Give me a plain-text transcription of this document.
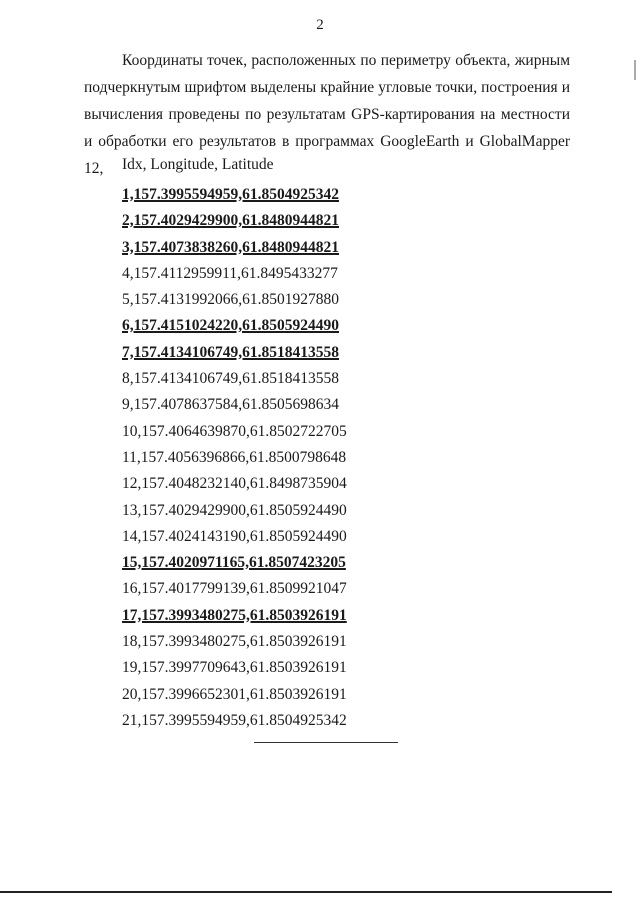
2

Координаты точек, расположенных по периметру объекта, жирным подчеркнутым шрифтом выделены крайние угловые точки, построения и вычисления проведены по результатам GPS-картирования на местности и обработки его результатов в программах GoogleEarth и GlobalMapper 12,	Idx, Longitude, Latitude
1,157.3995594959,61.8504925342
2,157.4029429900,61.8480944821
3,157.4073838260,61.8480944821
4,157.4112959911,61.8495433277
5,157.4131992066,61.8501927880
6,157.4151024220,61.8505924490
7,157.4134106749,61.8518413558
8,157.4134106749,61.8518413558
9,157.4078637584,61.8505698634
10,157.4064639870,61.8502722705
11,157.4056396866,61.8500798648
12,157.4048232140,61.8498735904
13,157.4029429900,61.8505924490
14,157.4024143190,61.8505924490
15,157.4020971165,61.8507423205
16,157.4017799139,61.8509921047
17,157.3993480275,61.8503926191
18,157.3993480275,61.8503926191
19,157.3997709643,61.8503926191
20,157.3996652301,61.8503926191
21,157.3995594959,61.8504925342
